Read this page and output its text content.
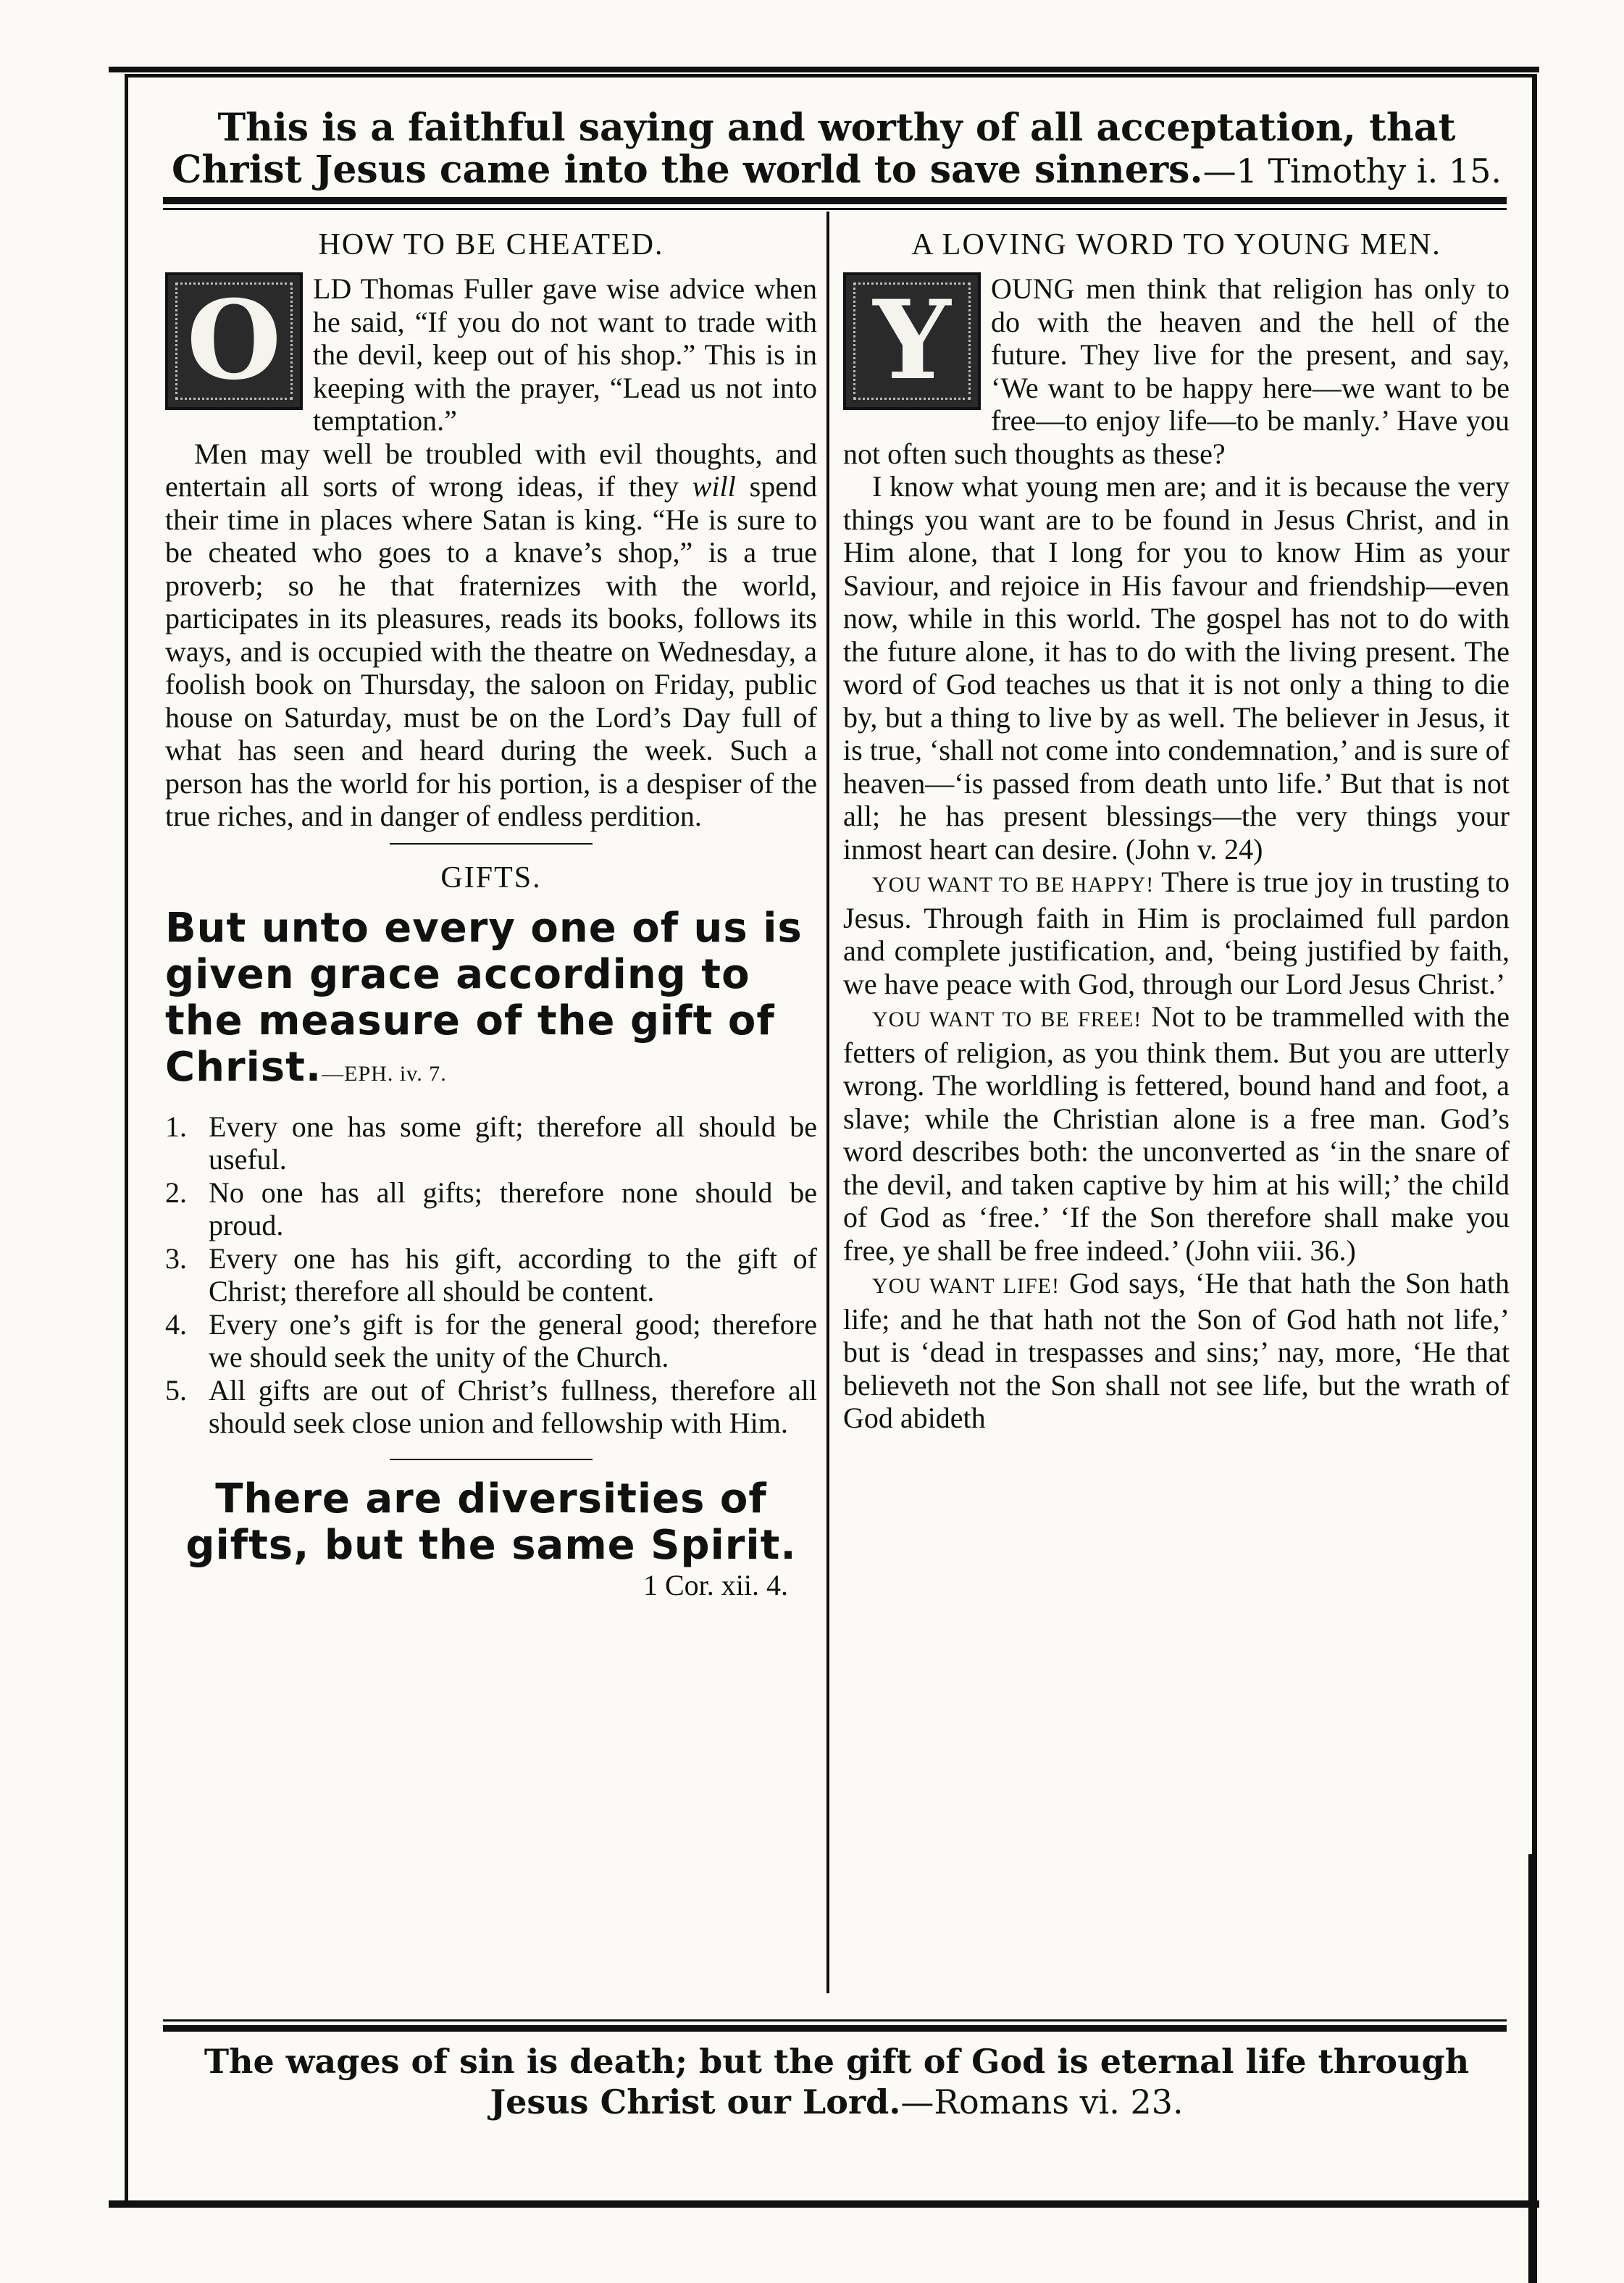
This is a faithful saying and worthy of all acceptation, that Christ Jesus came into the world to save sinners.—1 Timothy i. 15.
HOW TO BE CHEATED.
O	LD Thomas Fuller gave wise advice when he said, “If you do not want to trade with the devil, keep out of his shop.” This is in keeping with the prayer, “Lead us not into temptation.”

Men may well be troubled with evil thoughts, and entertain all sorts of wrong ideas, if they will spend their time in places where Satan is king. “He is sure to be cheated who goes to a knave’s shop,” is a true proverb; so he that fraternizes with the world, participates in its pleasures, reads its books, follows its ways, and is occupied with the theatre on Wednesday, a foolish book on Thursday, the saloon on Friday, public house on Saturday, must be on the Lord’s Day full of what has seen and heard during the week. Such a person has the world for his portion, is a despiser of the true riches, and in danger of endless perdition.

GIFTS.
But unto every one of us is given grace according to the measure of the gift of Christ.—EPH. iv. 7.
1. Every one has some gift; therefore all should be useful.
2. No one has all gifts; therefore none should be proud.
3. Every one has his gift, according to the gift of Christ; therefore all should be content.
4. Every one’s gift is for the general good; therefore we should seek the unity of the Church.
5. All gifts are out of Christ’s fullness, therefore all should seek close union and fellowship with Him.
There are diversities of gifts, but the same Spirit.
1 Cor. xii. 4.
A LOVING WORD TO YOUNG MEN.
Y	OUNG men think that religion has only to do with the heaven and the hell of the future. They live for the present, and say, ‘We want to be happy here—we want to be free—to enjoy life—to be manly.’ Have you not often such thoughts as these?

I know what young men are; and it is because the very things you want are to be found in Jesus Christ, and in Him alone, that I long for you to know Him as your Saviour, and rejoice in His favour and friendship—even now, while in this world. The gospel has not to do with the future alone, it has to do with the living present. The word of God teaches us that it is not only a thing to die by, but a thing to live by as well. The believer in Jesus, it is true, ‘shall not come into condemnation,’ and is sure of heaven—‘is passed from death unto life.’ But that is not all; he has present blessings—the very things your inmost heart can desire. (John v. 24)

YOU WANT TO BE HAPPY! There is true joy in trusting to Jesus. Through faith in Him is proclaimed full pardon and complete justification, and, ‘being justified by faith, we have peace with God, through our Lord Jesus Christ.’

YOU WANT TO BE FREE! Not to be trammelled with the fetters of religion, as you think them. But you are utterly wrong. The worldling is fettered, bound hand and foot, a slave; while the Christian alone is a free man. God’s word describes both: the unconverted as ‘in the snare of the devil, and taken captive by him at his will;’ the child of God as ‘free.’ ‘If the Son therefore shall make you free, ye shall be free indeed.’ (John viii. 36.)

YOU WANT LIFE! God says, ‘He that hath the Son hath life; and he that hath not the Son of God hath not life,’ but is ‘dead in trespasses and sins;’ nay, more, ‘He that believeth not the Son shall not see life, but the wrath of God abideth

The wages of sin is death; but the gift of God is eternal life through Jesus Christ our Lord.—Romans vi. 23.
